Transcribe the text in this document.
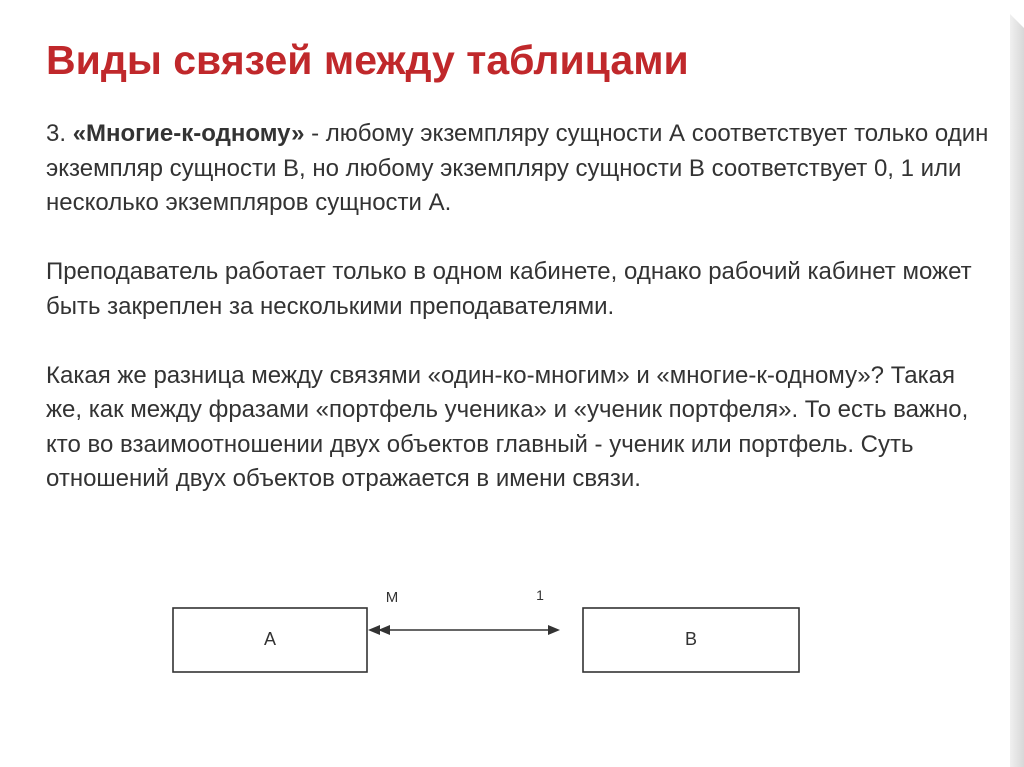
Виды связей между таблицами

3. «Многие-к-одному» - любому экземпляру сущности А соответствует только один экземпляр сущности В, но любому экземпляру сущности В соответствует 0, 1 или несколько экземпляров сущности А.

Преподаватель работает только в одном кабинете, однако рабочий кабинет может быть закреплен за несколькими преподавателями.

Какая же разница между связями «один-ко-многим» и «многие-к-одному»? Такая же, как между фразами «портфель ученика» и «ученик портфеля». То есть важно, кто во взаимоотношении двух объектов главный - ученик или портфель. Суть отношений двух объектов отражается в имени связи.

A	B
M	1
